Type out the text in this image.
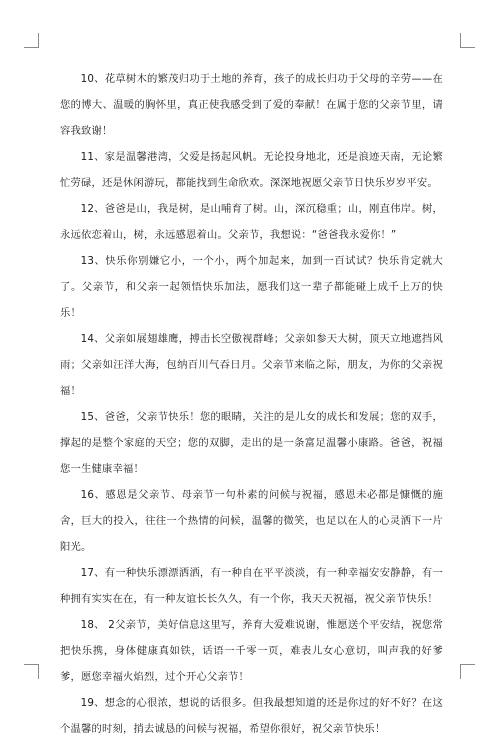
10、花草树木的繁茂归功于土地的养育，孩子的成长归功于父母的辛劳——在您的博大、温暖的胸怀里，真正使我感受到了爱的奉献！在属于您的父亲节里，请容我致谢！

11、家是温馨港湾，父爱是扬起风帆。无论投身地北，还是浪迹天南，无论繁忙劳碌，还是休闲游玩，都能找到生命欣欢。深深地祝愿父亲节日快乐岁岁平安。

12、爸爸是山，我是树，是山哺育了树。山，深沉稳重；山，刚直伟岸。树，永远依恋着山，树，永远感恩着山。父亲节，我想说：“爸爸我永爱你！”

13、快乐你别嫌它小，一个小，两个加起来，加到一百试试？快乐肯定就大了。父亲节，和父亲一起领悟快乐加法，愿我们这一辈子都能碰上成千上万的快乐！

14、父亲如展翅雄鹰，搏击长空傲视群峰；父亲如参天大树，顶天立地遮挡风雨；父亲如汪洋大海，包纳百川气吞日月。父亲节来临之际，朋友，为你的父亲祝福！

15、爸爸，父亲节快乐！您的眼睛，关注的是儿女的成长和发展；您的双手，撑起的是整个家庭的天空；您的双脚，走出的是一条富足温馨小康路。爸爸，祝福您一生健康幸福！

16、感恩是父亲节、母亲节一句朴素的问候与祝福，感恩未必都是慷慨的施舍，巨大的投入，往往一个热情的问候，温馨的微笑，也足以在人的心灵洒下一片阳光。

17、有一种快乐漂漂洒洒，有一种自在平平淡淡，有一种幸福安安静静，有一种拥有实实在在，有一种友谊长长久久，有一个你，我天天祝福，祝父亲节快乐！

18、 2父亲节，美好信息这里写，养育大爱难说谢，惟愿送个平安结，祝您常把快乐携，身体健康真如铁，话语一千零一页，难表儿女心意切，叫声我的好爹爹，愿您幸福火焰烈，过个开心父亲节！

19、想念的心很浓，想说的话很多。但我最想知道的还是你过的好不好？在这个温馨的时刻，捎去诚恳的问候与祝福，希望你很好，祝父亲节快乐！
